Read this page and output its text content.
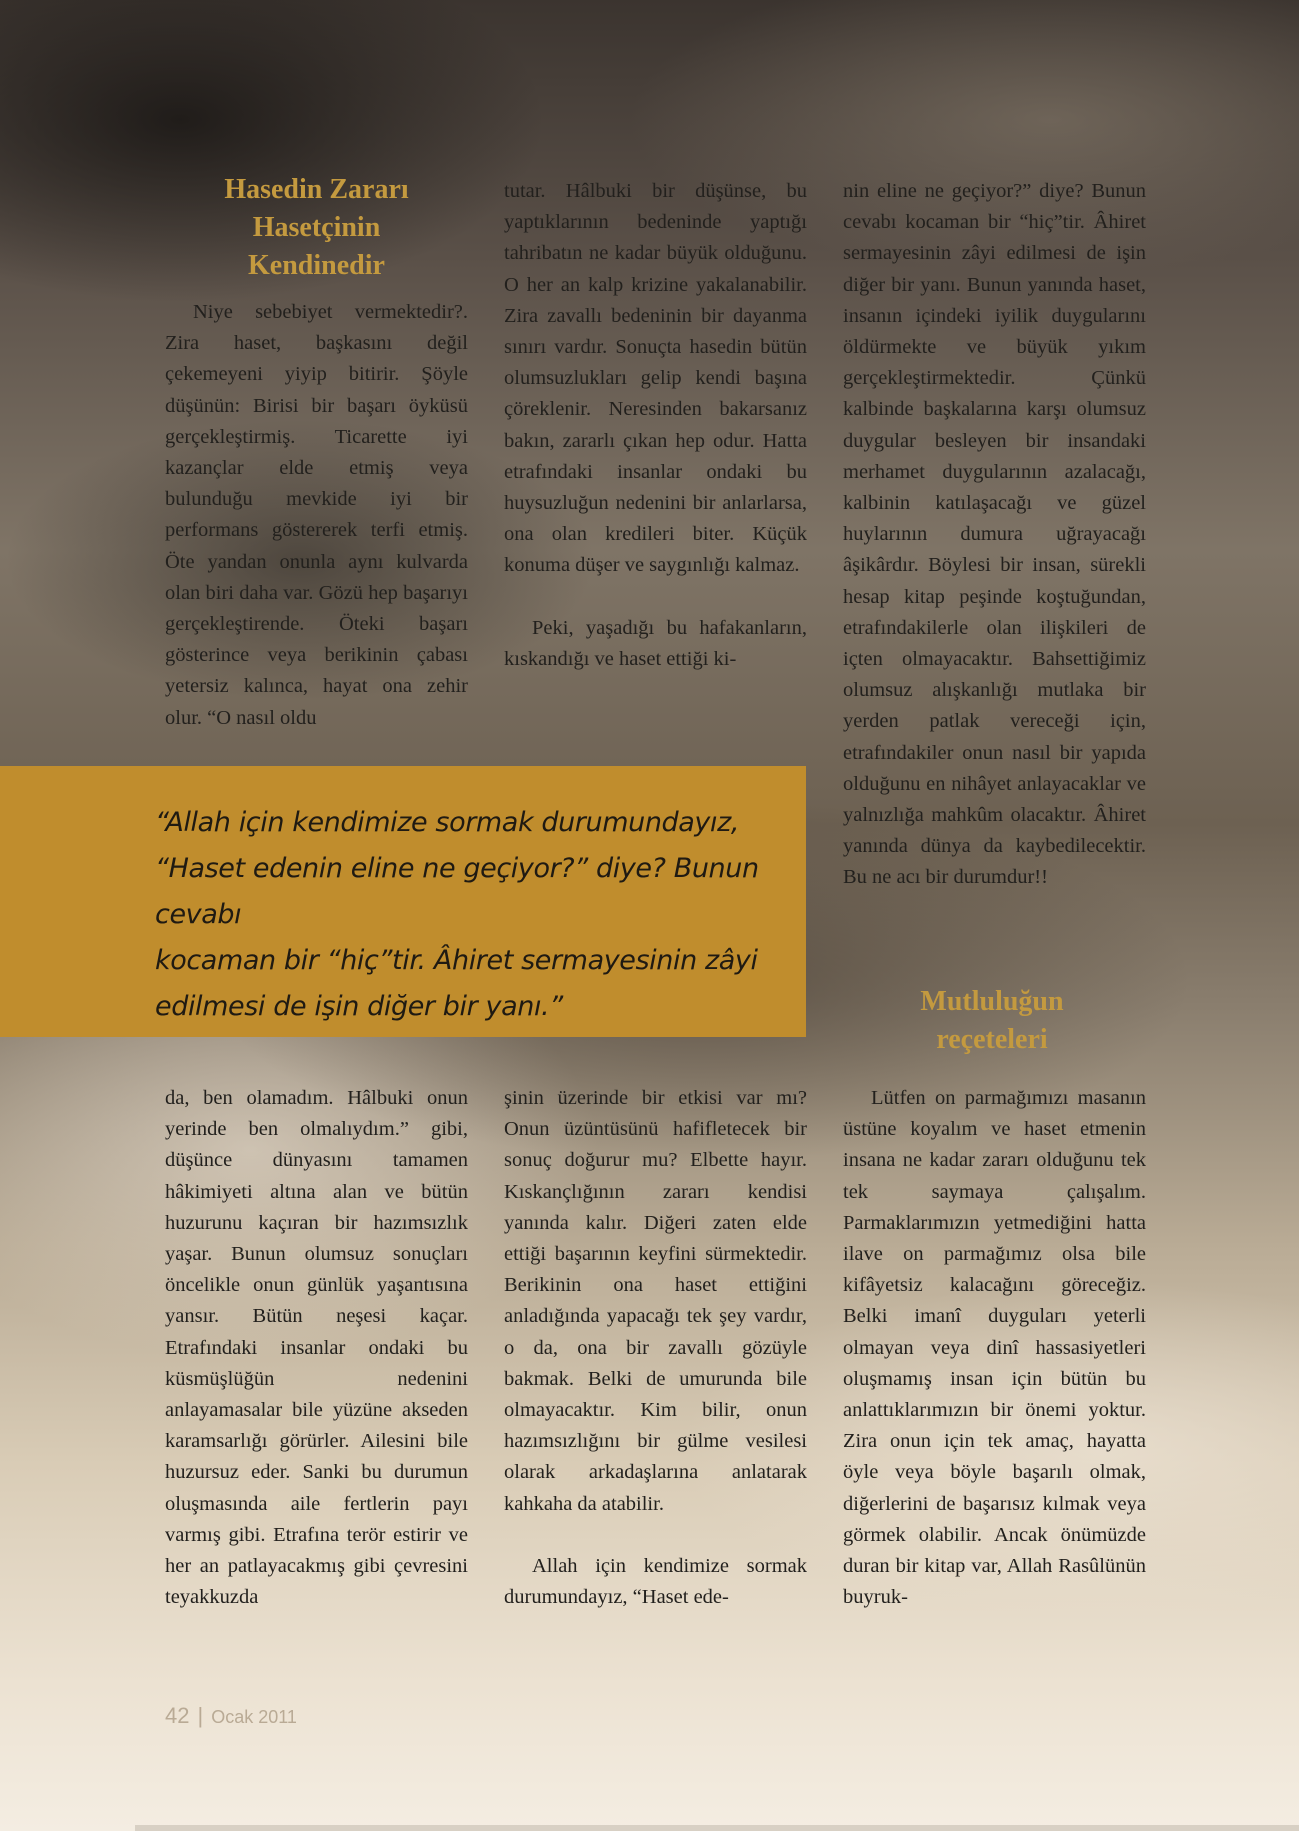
Hasedin Zararı
Hasetçinin
Kendinedir

Niye sebebiyet vermektedir?. Zira haset, başkasını değil çekemeyeni yiyip bitirir. Şöyle düşünün: Birisi bir başarı öyküsü gerçekleştirmiş. Ticarette iyi kazançlar elde etmiş veya bulunduğu mevkide iyi bir performans göstererek terfi etmiş. Öte yandan onunla aynı kulvarda olan biri daha var. Gözü hep başarıyı gerçekleştirende. Öteki başarı gösterince veya berikinin çabası yetersiz kalınca, hayat ona zehir olur. “O nasıl oldu

tutar. Hâlbuki bir düşünse, bu yaptıklarının bedeninde yaptığı tahribatın ne kadar büyük olduğunu. O her an kalp krizine yakalanabilir. Zira zavallı bedeninin bir dayanma sınırı vardır. Sonuçta hasedin bütün olumsuzlukları gelip kendi başına çöreklenir. Neresinden bakarsanız bakın, zararlı çıkan hep odur. Hatta etrafındaki insanlar ondaki bu huysuzluğun nedenini bir anlarlarsa, ona olan kredileri biter. Küçük konuma düşer ve saygınlığı kalmaz.

Peki, yaşadığı bu hafakanların, kıskandığı ve haset ettiği ki-

nin eline ne geçiyor?” diye? Bunun cevabı kocaman bir “hiç”tir. Âhiret sermayesinin zâyi edilmesi de işin diğer bir yanı. Bunun yanında haset, insanın içindeki iyilik duygularını öldürmekte ve büyük yıkım gerçekleştirmektedir. Çünkü kalbinde başkalarına karşı olumsuz duygular besleyen bir insandaki merhamet duygularının azalacağı, kalbinin katılaşacağı ve güzel huylarının dumura uğrayacağı âşikârdır. Böylesi bir insan, sürekli hesap kitap peşinde koştuğundan, etrafındakilerle olan ilişkileri de içten olmayacaktır. Bahsettiğimiz olumsuz alışkanlığı mutlaka bir yerden patlak vereceği için, etrafındakiler onun nasıl bir yapıda olduğunu en nihâyet anlayacaklar ve yalnızlığa mahkûm olacaktır. Âhiret yanında dünya da kaybedilecektir. Bu ne acı bir durumdur!!

“Allah için kendimize sormak durumundayız,
“Haset edenin eline ne geçiyor?” diye? Bunun cevabı
kocaman bir “hiç”tir. Âhiret sermayesinin zâyi
edilmesi de işin diğer bir yanı.”	Mutluluğun
reçeteleri

da, ben olamadım. Hâlbuki onun yerinde ben olmalıydım.” gibi, düşünce dünyasını tamamen hâkimiyeti altına alan ve bütün huzurunu kaçıran bir hazımsızlık yaşar. Bunun olumsuz sonuçları öncelikle onun günlük yaşantısına yansır. Bütün neşesi kaçar. Etrafındaki insanlar ondaki bu küsmüşlüğün nedenini anlayamasalar bile yüzüne akseden karamsarlığı görürler. Ailesini bile huzursuz eder. Sanki bu durumun oluşmasında aile fertlerin payı varmış gibi. Etrafına terör estirir ve her an patlayacakmış gibi çevresini teyakkuzda

şinin üzerinde bir etkisi var mı? Onun üzüntüsünü hafifletecek bir sonuç doğurur mu? Elbette hayır. Kıskançlığının zararı kendisi yanında kalır. Diğeri zaten elde ettiği başarının keyfini sürmektedir. Berikinin ona haset ettiğini anladığında yapacağı tek şey vardır, o da, ona bir zavallı gözüyle bakmak. Belki de umurunda bile olmayacaktır. Kim bilir, onun hazımsızlığını bir gülme vesilesi olarak arkadaşlarına anlatarak kahkaha da atabilir.

Allah için kendimize sormak durumundayız, “Haset ede-

Lütfen on parmağımızı masanın üstüne koyalım ve haset etmenin insana ne kadar zararı olduğunu tek tek saymaya çalışalım. Parmaklarımızın yetmediğini hatta ilave on parmağımız olsa bile kifâyetsiz kalacağını göreceğiz. Belki imanî duyguları yeterli olmayan veya dinî hassasiyetleri oluşmamış insan için bütün bu anlattıklarımızın bir önemi yoktur. Zira onun için tek amaç, hayatta öyle veya böyle başarılı olmak, diğerlerini de başarısız kılmak veya görmek olabilir. Ancak önümüzde duran bir kitap var, Allah Rasûlünün buyruk-

42 | Ocak 2011
